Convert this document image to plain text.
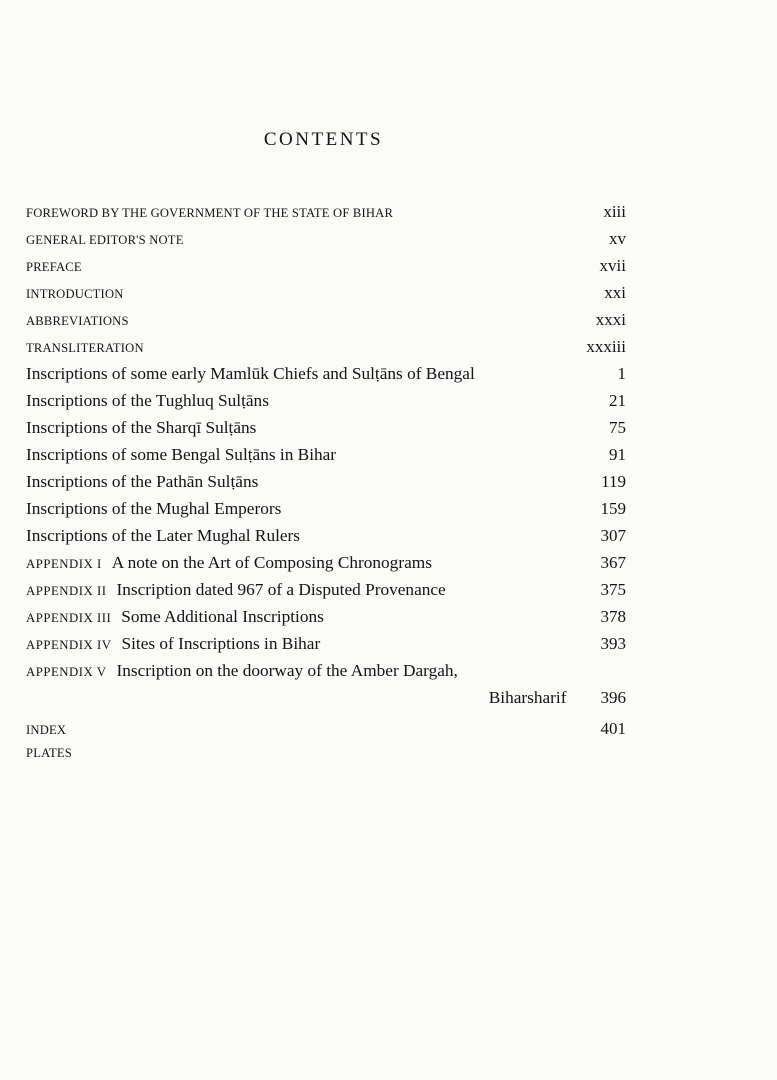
CONTENTS
FOREWORD BY THE GOVERNMENT OF THE STATE OF BIHAR	xiii
GENERAL EDITOR'S NOTE	xv
PREFACE	xvii
INTRODUCTION	xxi
ABBREVIATIONS	xxxi
TRANSLITERATION	xxxiii
Inscriptions of some early Mamlūk Chiefs and Sulṭāns of Bengal	1
Inscriptions of the Tughluq Sulṭāns	21
Inscriptions of the Sharqī Sulṭāns	75
Inscriptions of some Bengal Sulṭāns in Bihar	91
Inscriptions of the Pathān Sulṭāns	119
Inscriptions of the Mughal Emperors	159
Inscriptions of the Later Mughal Rulers	307
APPENDIX I A note on the Art of Composing Chronograms	367
APPENDIX II Inscription dated 967 of a Disputed Provenance	375
APPENDIX III Some Additional Inscriptions	378
APPENDIX IV Sites of Inscriptions in Bihar	393
APPENDIX V Inscription on the doorway of the Amber Dargah,
Biharsharif 396
INDEX	401
PLATES
